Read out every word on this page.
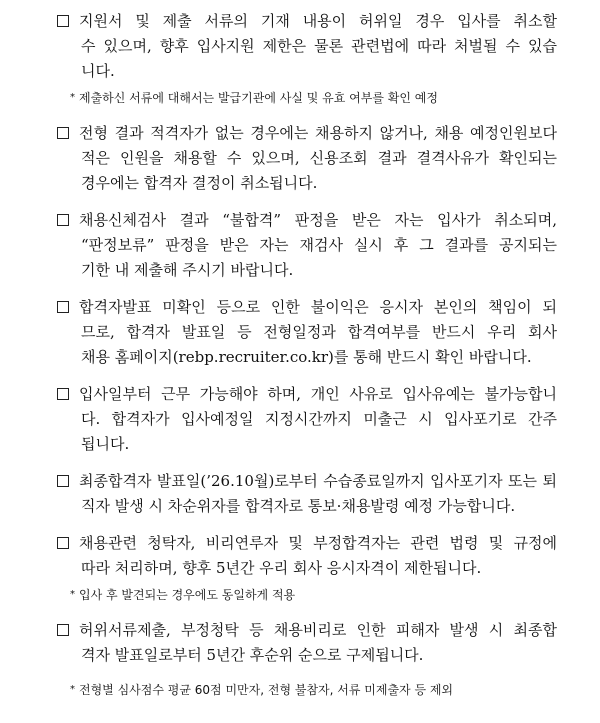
지원서 및 제출 서류의 기재 내용이 허위일 경우 입사를 취소할
수 있으며, 향후 입사지원 제한은 물론 관련법에 따라 처벌될 수 있습
니다.
* 제출하신 서류에 대해서는 발급기관에 사실 및 유효 여부를 확인 예정
전형 결과 적격자가 없는 경우에는 채용하지 않거나, 채용 예정인원보다
적은 인원을 채용할 수 있으며, 신용조회 결과 결격사유가 확인되는
경우에는 합격자 결정이 취소됩니다.
채용신체검사 결과 “불합격” 판정을 받은 자는 입사가 취소되며,
“판정보류” 판정을 받은 자는 재검사 실시 후 그 결과를 공지되는
기한 내 제출해 주시기 바랍니다.
합격자발표 미확인 등으로 인한 불이익은 응시자 본인의 책임이 되
므로, 합격자 발표일 등 전형일정과 합격여부를 반드시 우리 회사
채용 홈페이지(rebp.recruiter.co.kr)를 통해 반드시 확인 바랍니다.
입사일부터 근무 가능해야 하며, 개인 사유로 입사유예는 불가능합니
다. 합격자가 입사예정일 지정시간까지 미출근 시 입사포기로 간주
됩니다.
최종합격자 발표일(’26.10월)로부터 수습종료일까지 입사포기자 또는 퇴
직자 발생 시 차순위자를 합격자로 통보·채용발령 예정 가능합니다.
채용관련 청탁자, 비리연루자 및 부정합격자는 관련 법령 및 규정에
따라 처리하며, 향후 5년간 우리 회사 응시자격이 제한됩니다.
* 입사 후 발견되는 경우에도 동일하게 적용
허위서류제출, 부정청탁 등 채용비리로 인한 피해자 발생 시 최종합
격자 발표일로부터 5년간 후순위 순으로 구제됩니다.
* 전형별 심사점수 평균 60점 미만자, 전형 불참자, 서류 미제출자 등 제외
